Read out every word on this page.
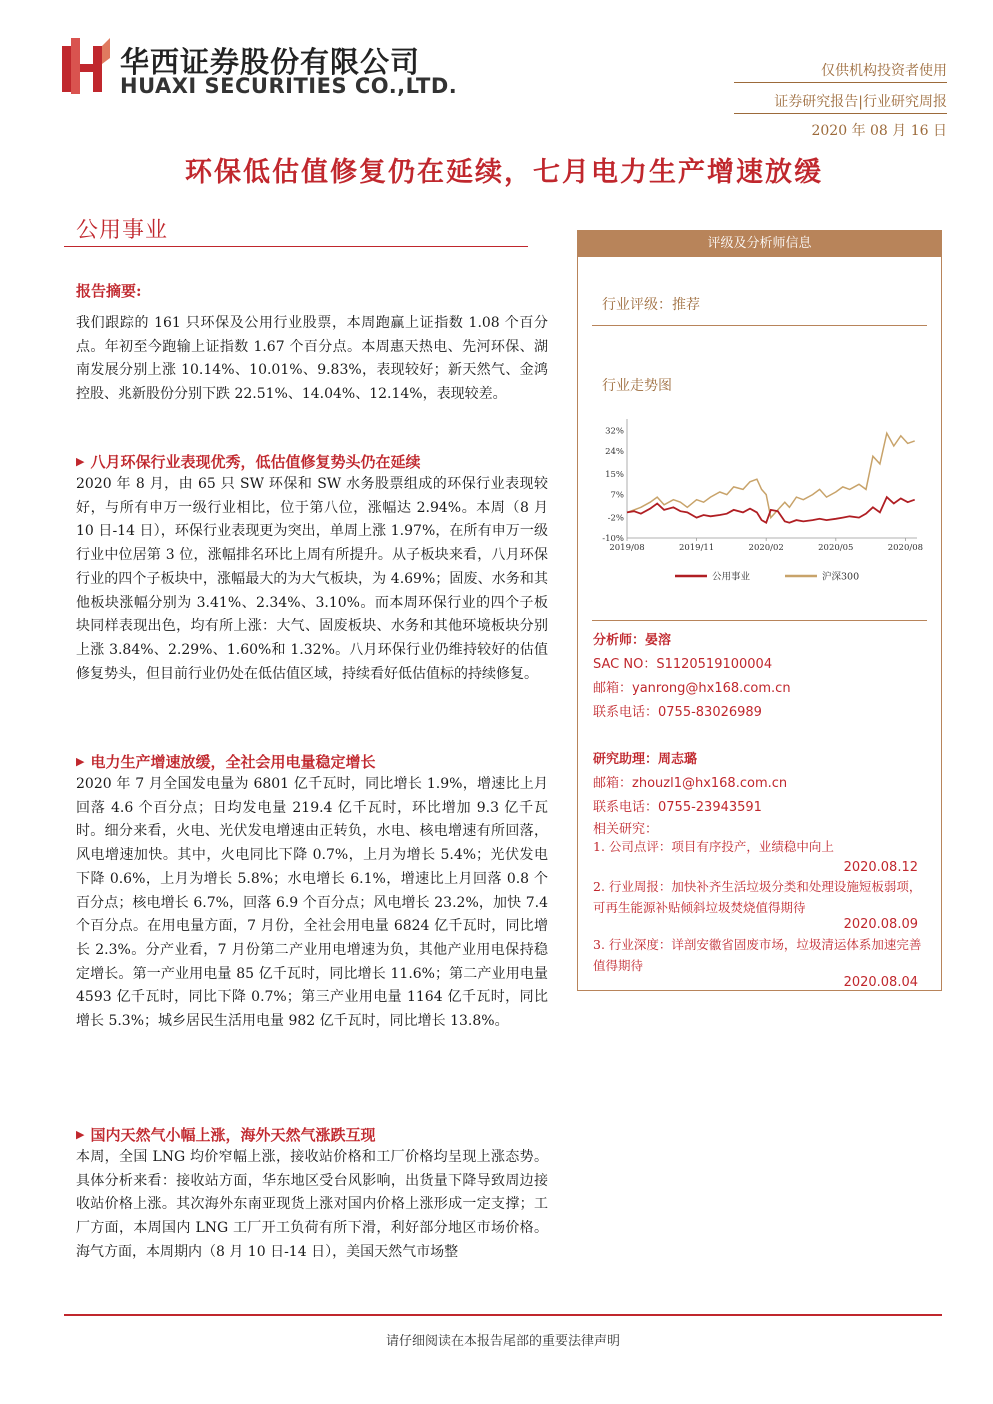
华西证券股份有限公司
HUAXI SECURITIES CO.,LTD.
仅供机构投资者使用
证券研究报告|行业研究周报
2020 年 08 月 16 日
环保低估值修复仍在延续，七月电力生产增速放缓
公用事业
报告摘要:
我们跟踪的 161 只环保及公用行业股票，本周跑赢上证指数 1.08 个百分点。年初至今跑输上证指数 1.67 个百分点。本周惠天热电、先河环保、湖南发展分别上涨 10.14%、10.01%、9.83%，表现较好；新天然气、金鸿控股、兆新股份分别下跌 22.51%、14.04%、12.14%，表现较差。
▶ 八月环保行业表现优秀，低估值修复势头仍在延续
2020 年 8 月，由 65 只 SW 环保和 SW 水务股票组成的环保行业表现较好，与所有申万一级行业相比，位于第八位，涨幅达 2.94%。本周（8 月 10 日-14 日），环保行业表现更为突出，单周上涨 1.97%，在所有申万一级行业中位居第 3 位，涨幅排名环比上周有所提升。从子板块来看，八月环保行业的四个子板块中，涨幅最大的为大气板块，为 4.69%；固废、水务和其他板块涨幅分别为 3.41%、2.34%、3.10%。而本周环保行业的四个子板块同样表现出色，均有所上涨：大气、固废板块、水务和其他环境板块分别上涨 3.84%、2.29%、1.60%和 1.32%。八月环保行业仍维持较好的估值修复势头，但目前行业仍处在低估值区域，持续看好低估值标的持续修复。
▶ 电力生产增速放缓，全社会用电量稳定增长
2020 年 7 月全国发电量为 6801 亿千瓦时，同比增长 1.9%，增速比上月回落 4.6 个百分点；日均发电量 219.4 亿千瓦时，环比增加 9.3 亿千瓦时。细分来看，火电、光伏发电增速由正转负，水电、核电增速有所回落，风电增速加快。其中，火电同比下降 0.7%，上月为增长 5.4%；光伏发电下降 0.6%，上月为增长 5.8%；水电增长 6.1%，增速比上月回落 0.8 个百分点；核电增长 6.7%，回落 6.9 个百分点；风电增长 23.2%，加快 7.4 个百分点。在用电量方面，7 月份，全社会用电量 6824 亿千瓦时，同比增长 2.3%。分产业看，7 月份第二产业用电增速为负，其他产业用电保持稳定增长。第一产业用电量 85 亿千瓦时，同比增长 11.6%；第二产业用电量 4593 亿千瓦时，同比下降 0.7%；第三产业用电量 1164 亿千瓦时，同比增长 5.3%；城乡居民生活用电量 982 亿千瓦时，同比增长 13.8%。
▶ 国内天然气小幅上涨，海外天然气涨跌互现
本周，全国 LNG 均价窄幅上涨，接收站价格和工厂价格均呈现上涨态势。具体分析来看：接收站方面，华东地区受台风影响，出货量下降导致周边接收站价格上涨。其次海外东南亚现货上涨对国内价格上涨形成一定支撑；工厂方面，本周国内 LNG 工厂开工负荷有所下滑，利好部分地区市场价格。海气方面，本周期内（8 月 10 日-14 日），美国天然气市场整
评级及分析师信息
行业评级：推荐
行业走势图
32%
24%
15%
7%
-2%
-10%
2019/08	2019/11	2020/02	2020/05	2020/08
公用事业	沪深300
分析师：晏溶
SAC NO：S1120519100004
邮箱：yanrong@hx168.com.cn
联系电话：0755-83026989
研究助理：周志璐
邮箱：zhouzl1@hx168.com.cn
联系电话：0755-23943591
相关研究：
1. 公司点评：项目有序投产，业绩稳中向上
2020.08.12
2. 行业周报：加快补齐生活垃圾分类和处理设施短板弱项，可再生能源补贴倾斜垃圾焚烧值得期待
2020.08.09
3. 行业深度：详剖安徽省固废市场，垃圾清运体系加速完善值得期待
2020.08.04
请仔细阅读在本报告尾部的重要法律声明
